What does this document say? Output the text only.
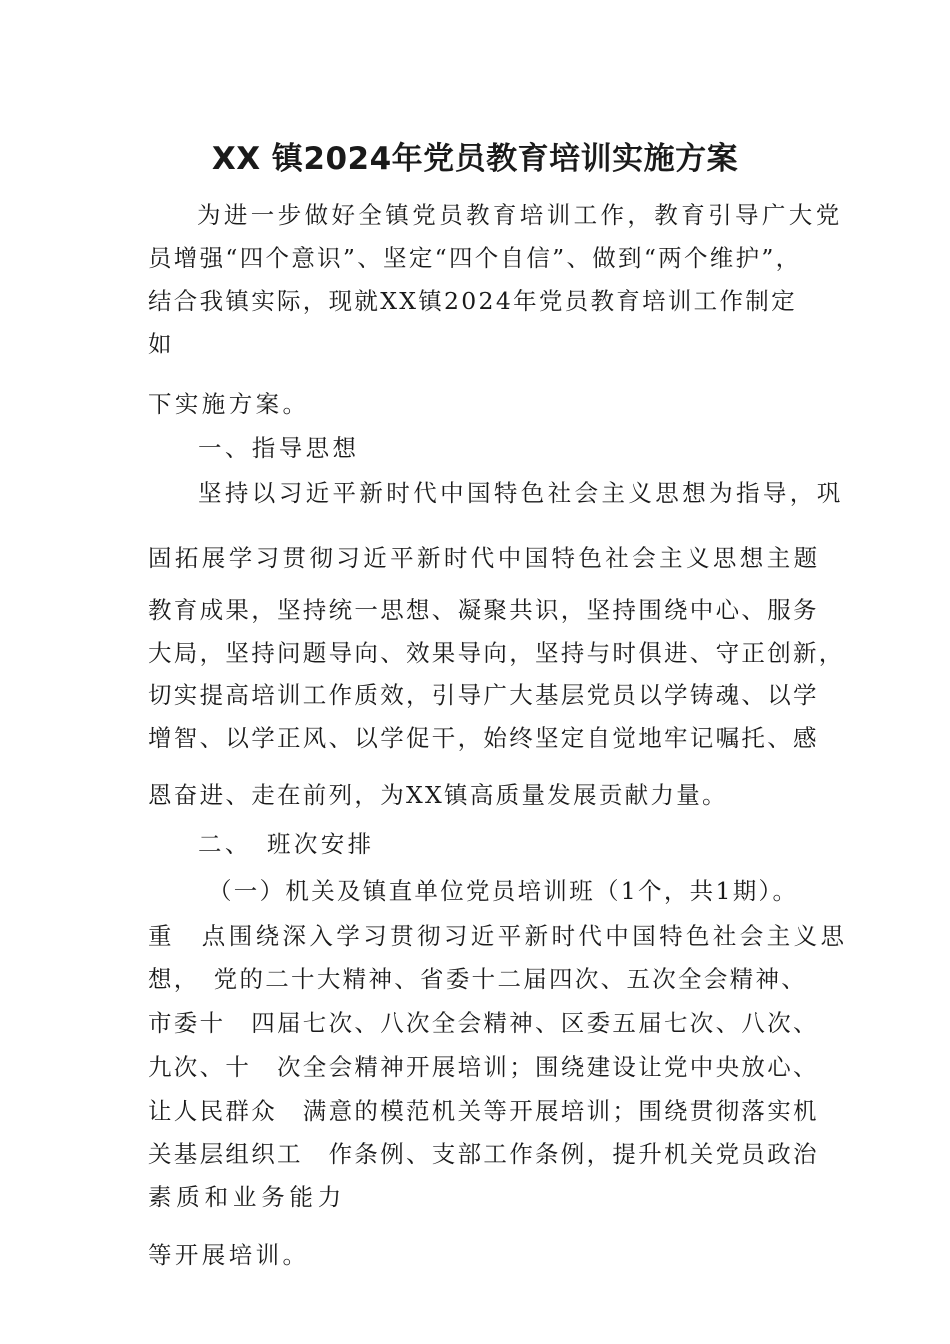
XX 镇2024年党员教育培训实施方案
为进一步做好全镇党员教育培训工作，教育引导广大党
员增强“四个意识”、坚定“四个自信”、做到“两个维护”，
结合我镇实际，现就XX镇2024年党员教育培训工作制定
如
下实施方案。
一、指导思想
坚持以习近平新时代中国特色社会主义思想为指导，巩
固拓展学习贯彻习近平新时代中国特色社会主义思想主题
教育成果，坚持统一思想、凝聚共识，坚持围绕中心、服务
大局，坚持问题导向、效果导向，坚持与时俱进、守正创新，
切实提高培训工作质效，引导广大基层党员以学铸魂、以学
增智、以学正风、以学促干，始终坚定自觉地牢记嘱托、感
恩奋进、走在前列，为XX镇高质量发展贡献力量。
二、　班次安排
（一）机关及镇直单位党员培训班（1个，共1期）。
重　点围绕深入学习贯彻习近平新时代中国特色社会主义思
想，　党的二十大精神、省委十二届四次、五次全会精神、
市委十　四届七次、八次全会精神、区委五届七次、八次、
九次、十　次全会精神开展培训；围绕建设让党中央放心、
让人民群众　满意的模范机关等开展培训；围绕贯彻落实机
关基层组织工　作条例、支部工作条例，提升机关党员政治
素质和业务能力
等开展培训。
